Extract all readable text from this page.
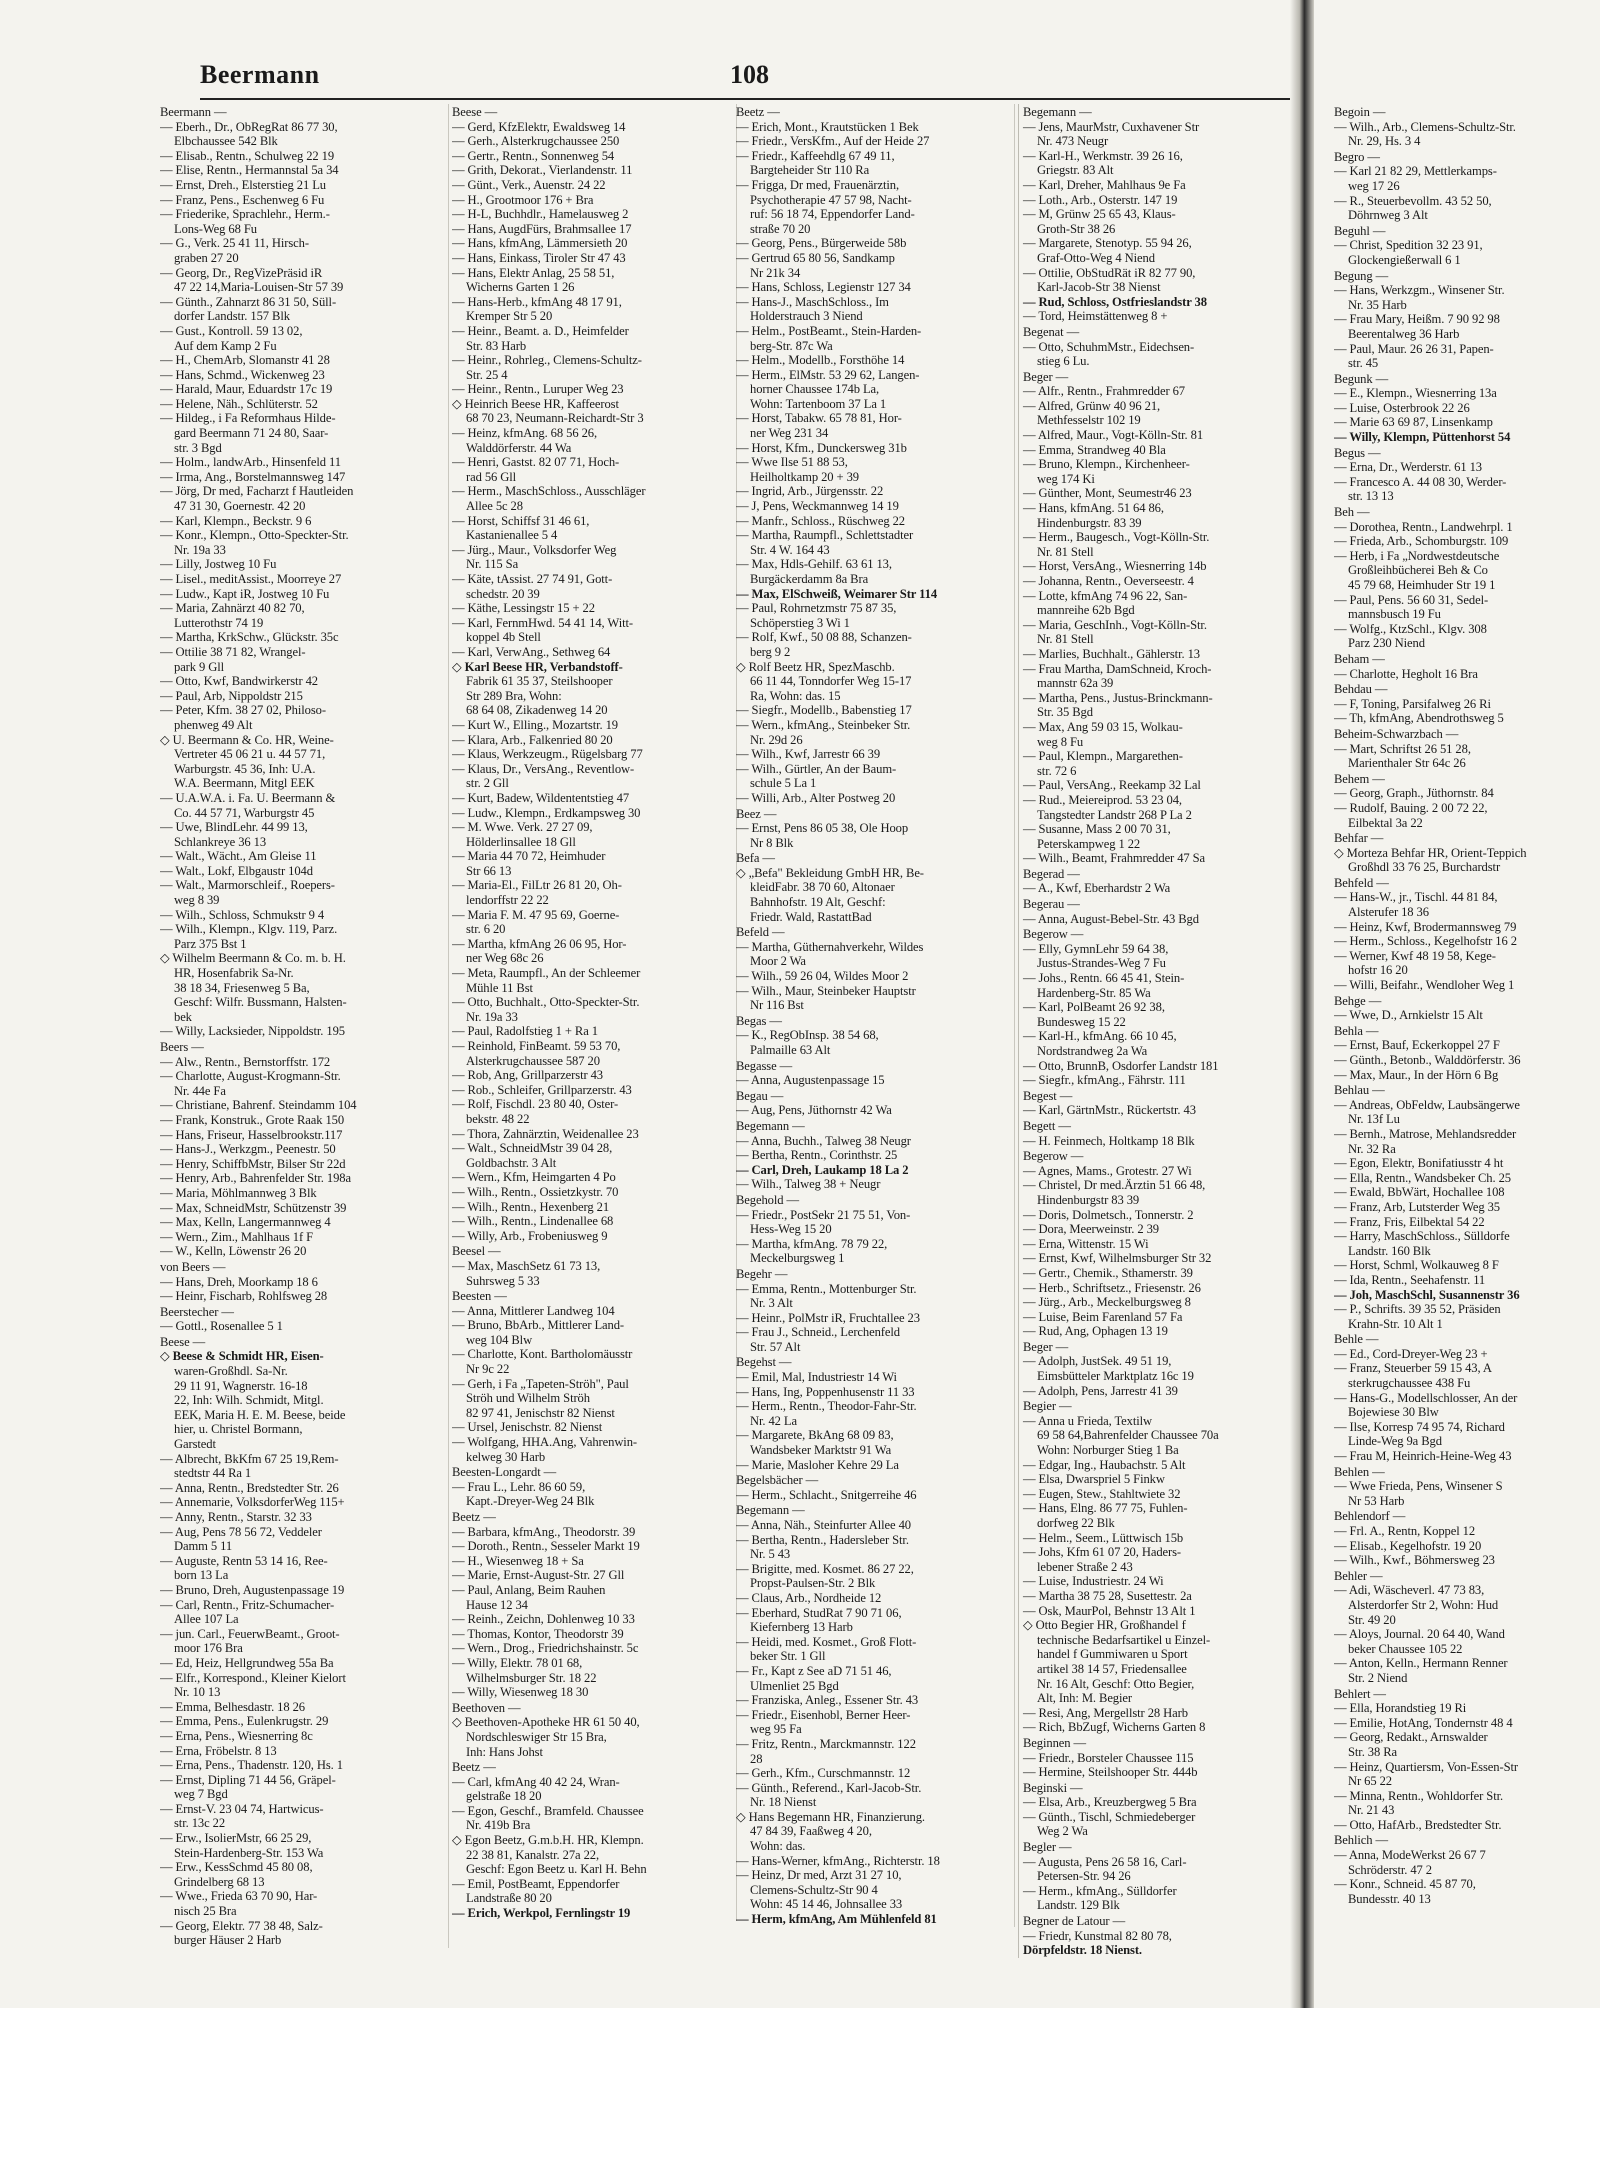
Beermann	108
Beermann —
— Eberh., Dr., ObRegRat 86 77 30,
Elbchaussee 542 Blk
— Elisab., Rentn., Schulweg 22 19
— Elise, Rentn., Hermannstal 5a 34
— Ernst, Dreh., Elsterstieg 21 Lu
— Franz, Pens., Eschenweg 6 Fu
— Friederike, Sprachlehr., Herm.-
Lons-Weg 68 Fu
— G., Verk. 25 41 11, Hirsch-
graben 27 20
— Georg, Dr., RegVizePräsid iR
47 22 14,Maria-Louisen-Str 57 39
— Günth., Zahnarzt 86 31 50, Süll-
dorfer Landstr. 157 Blk
— Gust., Kontroll. 59 13 02,
Auf dem Kamp 2 Fu
— H., ChemArb, Slomanstr 41 28
— Hans, Schmd., Wickenweg 23
— Harald, Maur, Eduardstr 17c 19
— Helene, Näh., Schlüterstr. 52
— Hildeg., i Fa Reformhaus Hilde-
gard Beermann 71 24 80, Saar-
str. 3 Bgd
— Holm., landwArb., Hinsenfeld 11
— Irma, Ang., Borstelmannsweg 147
— Jörg, Dr med, Facharzt f Hautleiden
47 31 30, Goernestr. 42 20
— Karl, Klempn., Beckstr. 9 6
— Konr., Klempn., Otto-Speckter-Str.
Nr. 19a 33
— Lilly, Jostweg 10 Fu
— Lisel., meditAssist., Moorreye 27
— Ludw., Kapt iR, Jostweg 10 Fu
— Maria, Zahnärzt 40 82 70,
Lutterothstr 74 19
— Martha, KrkSchw., Glückstr. 35c
— Ottilie 38 71 82, Wrangel-
park 9 Gll
— Otto, Kwf, Bandwirkerstr 42
— Paul, Arb, Nippoldstr 215
— Peter, Kfm. 38 27 02, Philoso-
phenweg 49 Alt
◇ U. Beermann & Co. HR, Weine-
Vertreter 45 06 21 u. 44 57 71,
Warburgstr. 45 36, Inh: U.A.
W.A. Beermann, Mitgl EEK
— U.A.W.A. i. Fa. U. Beermann &
Co. 44 57 71, Warburgstr 45
— Uwe, BlindLehr. 44 99 13,
Schlankreye 36 13
— Walt., Wächt., Am Gleise 11
— Walt., Lokf, Elbgaustr 104d
— Walt., Marmorschleif., Roepers-
weg 8 39
— Wilh., Schloss, Schmukstr 9 4
— Wilh., Klempn., Klgv. 119, Parz.
Parz 375 Bst 1
◇ Wilhelm Beermann & Co. m. b. H.
HR, Hosenfabrik Sa-Nr.
38 18 34, Friesenweg 5 Ba,
Geschf: Wilfr. Bussmann, Halsten-
bek
— Willy, Lacksieder, Nippoldstr. 195
Beers —
— Alw., Rentn., Bernstorffstr. 172
— Charlotte, August-Krogmann-Str.
Nr. 44e Fa
— Christiane, Bahrenf. Steindamm 104
— Frank, Konstruk., Grote Raak 150
— Hans, Friseur, Hasselbrookstr.117
— Hans-J., Werkzgm., Peenestr. 50
— Henry, SchiffbMstr, Bilser Str 22d
— Henry, Arb., Bahrenfelder Str. 198a
— Maria, Möhlmannweg 3 Blk
— Max, SchneidMstr, Schützenstr 39
— Max, Kelln, Langermannweg 4
— Wern., Zim., Mahlhaus 1f F
— W., Kelln, Löwenstr 26 20
von Beers —
— Hans, Dreh, Moorkamp 18 6
— Heinr, Fischarb, Rohlfsweg 28
Beerstecher —
— Gottl., Rosenallee 5 1
Beese —
◇ Beese & Schmidt HR, Eisen-
waren-Großhdl. Sa-Nr.
29 11 91, Wagnerstr. 16-18
22, Inh: Wilh. Schmidt, Mitgl.
EEK, Maria H. E. M. Beese, beide
hier, u. Christel Bormann,
Garstedt
— Albrecht, BkKfm 67 25 19,Rem-
stedtstr 44 Ra 1
— Anna, Rentn., Bredstedter Str. 26
— Annemarie, VolksdorferWeg 115+
— Anny, Rentn., Starstr. 32 33
— Aug, Pens 78 56 72, Veddeler
Damm 5 11
— Auguste, Rentn 53 14 16, Ree-
born 13 La
— Bruno, Dreh, Augustenpassage 19
— Carl, Rentn., Fritz-Schumacher-
Allee 107 La
— jun. Carl., FeuerwBeamt., Groot-
moor 176 Bra
— Ed, Heiz, Hellgrundweg 55a Ba
— Elfr., Korrespond., Kleiner Kielort
Nr. 10 13
— Emma, Belhesdastr. 18 26
— Emma, Pens., Eulenkrugstr. 29
— Erna, Pens., Wiesnerring 8c
— Erna, Fröbelstr. 8 13
— Erna, Pens., Thadenstr. 120, Hs. 1
— Ernst, Dipling 71 44 56, Gräpel-
weg 7 Bgd
— Ernst-V. 23 04 74, Hartwicus-
str. 13c 22
— Erw., IsolierMstr, 66 25 29,
Stein-Hardenberg-Str. 153 Wa
— Erw., KessSchmd 45 80 08,
Grindelberg 68 13
— Wwe., Frieda 63 70 90, Har-
nisch 25 Bra
— Georg, Elektr. 77 38 48, Salz-
burger Häuser 2 Harb
Beese —
— Gerd, KfzElektr, Ewaldsweg 14
— Gerh., Alsterkrugchaussee 250
— Gertr., Rentn., Sonnenweg 54
— Grith, Dekorat., Vierlandenstr. 11
— Günt., Verk., Auenstr. 24 22
— H., Grootmoor 176 + Bra
— H-L, Buchhdlr., Hamelausweg 2
— Hans, AugdFürs, Brahmsallee 17
— Hans, kfmAng, Lämmersieth 20
— Hans, Einkass, Tiroler Str 47 43
— Hans, Elektr Anlag, 25 58 51,
Wicherns Garten 1 26
— Hans-Herb., kfmAng 48 17 91,
Kremper Str 5 20
— Heinr., Beamt. a. D., Heimfelder
Str. 83 Harb
— Heinr., Rohrleg., Clemens-Schultz-
Str. 25 4
— Heinr., Rentn., Luruper Weg 23
◇ Heinrich Beese HR, Kaffeerost
68 70 23, Neumann-Reichardt-Str 3
— Heinz, kfmAng. 68 56 26,
Walddörferstr. 44 Wa
— Henri, Gastst. 82 07 71, Hoch-
rad 56 Gll
— Herm., MaschSchloss., Ausschläger
Allee 5c 28
— Horst, Schiffsf 31 46 61,
Kastanienallee 5 4
— Jürg., Maur., Volksdorfer Weg
Nr. 115 Sa
— Käte, tAssist. 27 74 91, Gott-
schedstr. 20 39
— Käthe, Lessingstr 15 + 22
— Karl, FernmHwd. 54 41 14, Witt-
koppel 4b Stell
— Karl, VerwAng., Sethweg 64
◇ Karl Beese HR, Verbandstoff-
Fabrik 61 35 37, Steilshooper
Str 289 Bra, Wohn:
68 64 08, Zikadenweg 14 20
— Kurt W., Elling., Mozartstr. 19
— Klara, Arb., Falkenried 80 20
— Klaus, Werkzeugm., Rügelsbarg 77
— Klaus, Dr., VersAng., Reventlow-
str. 2 Gll
— Kurt, Badew, Wildententstieg 47
— Ludw., Klempn., Erdkampsweg 30
— M. Wwe. Verk. 27 27 09,
Hölderlinsallee 18 Gll
— Maria 44 70 72, Heimhuder
Str 66 13
— Maria-El., FilLtr 26 81 20, Oh-
lendorffstr 22 22
— Maria F. M. 47 95 69, Goerne-
str. 6 20
— Martha, kfmAng 26 06 95, Hor-
ner Weg 68c 26
— Meta, Raumpfl., An der Schleemer
Mühle 11 Bst
— Otto, Buchhalt., Otto-Speckter-Str.
Nr. 19a 33
— Paul, Radolfstieg 1 + Ra 1
— Reinhold, FinBeamt. 59 53 70,
Alsterkrugchaussee 587 20
— Rob, Ang, Grillparzerstr 43
— Rob., Schleifer, Grillparzerstr. 43
— Rolf, Fischdl. 23 80 40, Oster-
bekstr. 48 22
— Thora, Zahnärztin, Weidenallee 23
— Walt., SchneidMstr 39 04 28,
Goldbachstr. 3 Alt
— Wern., Kfm, Heimgarten 4 Po
— Wilh., Rentn., Ossietzkystr. 70
— Wilh., Rentn., Hexenberg 21
— Wilh., Rentn., Lindenallee 68
— Willy, Arb., Frobeniusweg 9
Beesel —
— Max, MaschSetz 61 73 13,
Suhrsweg 5 33
Beesten —
— Anna, Mittlerer Landweg 104
— Bruno, BbArb., Mittlerer Land-
weg 104 Blw
— Charlotte, Kont. Bartholomäusstr
Nr 9c 22
— Gerh, i Fa „Tapeten-Ströh", Paul
Ströh und Wilhelm Ströh
82 97 41, Jenischstr 82 Nienst
— Ursel, Jenischstr. 82 Nienst
— Wolfgang, HHA.Ang, Vahrenwin-
kelweg 30 Harb
Beesten-Longardt —
— Frau L., Lehr. 86 60 59,
Kapt.-Dreyer-Weg 24 Blk
Beetz —
— Barbara, kfmAng., Theodorstr. 39
— Doroth., Rentn., Sesseler Markt 19
— H., Wiesenweg 18 + Sa
— Marie, Ernst-August-Str. 27 Gll
— Paul, Anlang, Beim Rauhen
Hause 12 34
— Reinh., Zeichn, Dohlenweg 10 33
— Thomas, Kontor, Theodorstr 39
— Wern., Drog., Friedrichshainstr. 5c
— Willy, Elektr. 78 01 68,
Wilhelmsburger Str. 18 22
— Willy, Wiesenweg 18 30
Beethoven —
◇ Beethoven-Apotheke HR 61 50 40,
Nordschleswiger Str 15 Bra,
Inh: Hans Johst
Beetz —
— Carl, kfmAng 40 42 24, Wran-
gelstraße 18 20
— Egon, Geschf., Bramfeld. Chaussee
Nr. 419b Bra
◇ Egon Beetz, G.m.b.H. HR, Klempn.
22 38 81, Kanalstr. 27a 22,
Geschf: Egon Beetz u. Karl H. Behn
— Emil, PostBeamt, Eppendorfer
Landstraße 80 20
— Erich, Werkpol, Fernlingstr 19
Beetz —
— Erich, Mont., Krautstücken 1 Bek
— Friedr., VersKfm., Auf der Heide 27
— Friedr., Kaffeehdlg 67 49 11,
Bargteheider Str 110 Ra
— Frigga, Dr med, Frauenärztin,
Psychotherapie 47 57 98, Nacht-
ruf: 56 18 74, Eppendorfer Land-
straße 70 20
— Georg, Pens., Bürgerweide 58b
— Gertrud 65 80 56, Sandkamp
Nr 21k 34
— Hans, Schloss, Legienstr 127 34
— Hans-J., MaschSchloss., Im
Holderstrauch 3 Niend
— Helm., PostBeamt., Stein-Harden-
berg-Str. 87c Wa
— Helm., Modellb., Forsthöhe 14
— Herm., ElMstr. 53 29 62, Langen-
horner Chaussee 174b La,
Wohn: Tartenboom 37 La 1
— Horst, Tabakw. 65 78 81, Hor-
ner Weg 231 34
— Horst, Kfm., Dunckersweg 31b
— Wwe Ilse 51 88 53,
Heilholtkamp 20 + 39
— Ingrid, Arb., Jürgensstr. 22
— J, Pens, Weckmannweg 14 19
— Manfr., Schloss., Rüschweg 22
— Martha, Raumpfl., Schlettstadter
Str. 4 W. 164 43
— Max, Hdls-Gehilf. 63 61 13,
Burgäckerdamm 8a Bra
— Max, ElSchweiß, Weimarer Str 114
— Paul, Rohrnetzmstr 75 87 35,
Schöperstieg 3 Wi 1
— Rolf, Kwf., 50 08 88, Schanzen-
berg 9 2
◇ Rolf Beetz HR, SpezMaschb.
66 11 44, Tonndorfer Weg 15-17
Ra, Wohn: das. 15
— Siegfr., Modellb., Babenstieg 17
— Wern., kfmAng., Steinbeker Str.
Nr. 29d 26
— Wilh., Kwf, Jarrestr 66 39
— Wilh., Gürtler, An der Baum-
schule 5 La 1
— Willi, Arb., Alter Postweg 20
Beez —
— Ernst, Pens 86 05 38, Ole Hoop
Nr 8 Blk
Befa —
◇ „Befa" Bekleidung GmbH HR, Be-
kleidFabr. 38 70 60, Altonaer
Bahnhofstr. 19 Alt, Geschf:
Friedr. Wald, RastattBad
Befeld —
— Martha, Güthernahverkehr, Wildes
Moor 2 Wa
— Wilh., 59 26 04, Wildes Moor 2
— Wilh., Maur, Steinbeker Hauptstr
Nr 116 Bst
Begas —
— K., RegObInsp. 38 54 68,
Palmaille 63 Alt
Begasse —
— Anna, Augustenpassage 15
Begau —
— Aug, Pens, Jüthornstr 42 Wa
Begemann —
— Anna, Buchh., Talweg 38 Neugr
— Bertha, Rentn., Corinthstr. 25
— Carl, Dreh, Laukamp 18 La 2
— Wilh., Talweg 38 + Neugr
Begehold —
— Friedr., PostSekr 21 75 51, Von-
Hess-Weg 15 20
— Martha, kfmAng. 78 79 22,
Meckelburgsweg 1
Begehr —
— Emma, Rentn., Mottenburger Str.
Nr. 3 Alt
— Heinr., PolMstr iR, Fruchtallee 23
— Frau J., Schneid., Lerchenfeld
Str. 57 Alt
Begehst —
— Emil, Mal, Industriestr 14 Wi
— Hans, Ing, Poppenhusenstr 11 33
— Herm., Rentn., Theodor-Fahr-Str.
Nr. 42 La
— Margarete, BkAng 68 09 83,
Wandsbeker Marktstr 91 Wa
— Marie, Masloher Kehre 29 La
Begelsbächer —
— Herm., Schlacht., Snitgerreihe 46
Begemann —
— Anna, Näh., Steinfurter Allee 40
— Bertha, Rentn., Hadersleber Str.
Nr. 5 43
— Brigitte, med. Kosmet. 86 27 22,
Propst-Paulsen-Str. 2 Blk
— Claus, Arb., Nordheide 12
— Eberhard, StudRat 7 90 71 06,
Kiefernberg 13 Harb
— Heidi, med. Kosmet., Groß Flott-
beker Str. 1 Gll
— Fr., Kapt z See aD 71 51 46,
Ulmenliet 25 Bgd
— Franziska, Anleg., Essener Str. 43
— Friedr., Eisenhobl, Berner Heer-
weg 95 Fa
— Fritz, Rentn., Marckmannstr. 122
28
— Gerh., Kfm., Curschmannstr. 12
— Günth., Referend., Karl-Jacob-Str.
Nr. 18 Nienst
◇ Hans Begemann HR, Finanzierung.
47 84 39, Faaßweg 4 20,
Wohn: das.
— Hans-Werner, kfmAng., Richterstr. 18
— Heinz, Dr med, Arzt 31 27 10,
Clemens-Schultz-Str 90 4
Wohn: 45 14 46, Johnsallee 33
— Herm, kfmAng, Am Mühlenfeld 81
Begemann —
— Jens, MaurMstr, Cuxhavener Str
Nr. 473 Neugr
— Karl-H., Werkmstr. 39 26 16,
Griegstr. 83 Alt
— Karl, Dreher, Mahlhaus 9e Fa
— Loth., Arb., Osterstr. 147 19
— M, Grünw 25 65 43, Klaus-
Groth-Str 38 26
— Margarete, Stenotyp. 55 94 26,
Graf-Otto-Weg 4 Niend
— Ottilie, ObStudRät iR 82 77 90,
Karl-Jacob-Str 38 Nienst
— Rud, Schloss, Ostfrieslandstr 38
— Tord, Heimstättenweg 8 +
Begenat —
— Otto, SchuhmMstr., Eidechsen-
stieg 6 Lu.
Beger —
— Alfr., Rentn., Frahmredder 67
— Alfred, Grünw 40 96 21,
Methfesselstr 102 19
— Alfred, Maur., Vogt-Kölln-Str. 81
— Emma, Strandweg 40 Bla
— Bruno, Klempn., Kirchenheer-
weg 174 Ki
— Günther, Mont, Seumestr46 23
— Hans, kfmAng. 51 64 86,
Hindenburgstr. 83 39
— Herm., Baugesch., Vogt-Kölln-Str.
Nr. 81 Stell
— Horst, VersAng., Wiesnerring 14b
— Johanna, Rentn., Oeverseestr. 4
— Lotte, kfmAng 74 96 22, San-
mannreihe 62b Bgd
— Maria, GeschInh., Vogt-Kölln-Str.
Nr. 81 Stell
— Marlies, Buchhalt., Gählerstr. 13
— Frau Martha, DamSchneid, Kroch-
mannstr 62a 39
— Martha, Pens., Justus-Brinckmann-
Str. 35 Bgd
— Max, Ang 59 03 15, Wolkau-
weg 8 Fu
— Paul, Klempn., Margarethen-
str. 72 6
— Paul, VersAng., Reekamp 32 Lal
— Rud., Meiereiprod. 53 23 04,
Tangstedter Landstr 268 P La 2
— Susanne, Mass 2 00 70 31,
Peterskampweg 1 22
— Wilh., Beamt, Frahmredder 47 Sa
Begerad —
— A., Kwf, Eberhardstr 2 Wa
Begerau —
— Anna, August-Bebel-Str. 43 Bgd
Begerow —
— Elly, GymnLehr 59 64 38,
Justus-Strandes-Weg 7 Fu
— Johs., Rentn. 66 45 41, Stein-
Hardenberg-Str. 85 Wa
— Karl, PolBeamt 26 92 38,
Bundesweg 15 22
— Karl-H., kfmAng. 66 10 45,
Nordstrandweg 2a Wa
— Otto, BrunnB, Osdorfer Landstr 181
— Siegfr., kfmAng., Fährstr. 111
Begest —
— Karl, GärtnMstr., Rückertstr. 43
Begett —
— H. Feinmech, Holtkamp 18 Blk
Begerow —
— Agnes, Mams., Grotestr. 27 Wi
— Christel, Dr med.Ärztin 51 66 48,
Hindenburgstr 83 39
— Doris, Dolmetsch., Tonnerstr. 2
— Dora, Meerweinstr. 2 39
— Erna, Wittenstr. 15 Wi
— Ernst, Kwf, Wilhelmsburger Str 32
— Gertr., Chemik., Sthamerstr. 39
— Herb., Schriftsetz., Friesenstr. 26
— Jürg., Arb., Meckelburgsweg 8
— Luise, Beim Farenland 57 Fa
— Rud, Ang, Ophagen 13 19
Beger —
— Adolph, JustSek. 49 51 19,
Eimsbütteler Marktplatz 16c 19
— Adolph, Pens, Jarrestr 41 39
Begier —
— Anna u Frieda, Textilw
69 58 64,Bahrenfelder Chaussee 70a
Wohn: Norburger Stieg 1 Ba
— Edgar, Ing., Haubachstr. 5 Alt
— Elsa, Dwarspriel 5 Finkw
— Eugen, Stew., Stahltwiete 32
— Hans, Elng. 86 77 75, Fuhlen-
dorfweg 22 Blk
— Helm., Seem., Lüttwisch 15b
— Johs, Kfm 61 07 20, Haders-
lebener Straße 2 43
— Luise, Industriestr. 24 Wi
— Martha 38 75 28, Susettestr. 2a
— Osk, MaurPol, Behnstr 13 Alt 1
◇ Otto Begier HR, Großhandel f
technische Bedarfsartikel u Einzel-
handel f Gummiwaren u Sport
artikel 38 14 57, Friedensallee
Nr. 16 Alt, Geschf: Otto Begier,
Alt, Inh: M. Begier
— Resi, Ang, Mergellstr 28 Harb
— Rich, BbZugf, Wicherns Garten 8
Beginnen —
— Friedr., Borsteler Chaussee 115
— Hermine, Steilshooper Str. 444b
Beginski —
— Elsa, Arb., Kreuzbergweg 5 Bra
— Günth., Tischl, Schmiedeberger
Weg 2 Wa
Begler —
— Augusta, Pens 26 58 16, Carl-
Petersen-Str. 94 26
— Herm., kfmAng., Sülldorfer
Landstr. 129 Blk
Begner de Latour —
— Friedr, Kunstmal 82 80 78,
Dörpfeldstr. 18 Nienst.
Begoin —
— Wilh., Arb., Clemens-Schultz-Str.
Nr. 29, Hs. 3 4
Begro —
— Karl 21 82 29, Mettlerkamps-
weg 17 26
— R., Steuerbevollm. 43 52 50,
Döhrnweg 3 Alt
Beguhl —
— Christ, Spedition 32 23 91,
Glockengießerwall 6 1
Begung —
— Hans, Werkzgm., Winsener Str.
Nr. 35 Harb
— Frau Mary, Heißm. 7 90 92 98
Beerentalweg 36 Harb
— Paul, Maur. 26 26 31, Papen-
str. 45
Begunk —
— E., Klempn., Wiesnerring 13a
— Luise, Osterbrook 22 26
— Marie 63 69 87, Linsenkamp
— Willy, Klempn, Püttenhorst 54
Begus —
— Erna, Dr., Werderstr. 61 13
— Francesco A. 44 08 30, Werder-
str. 13 13
Beh —
— Dorothea, Rentn., Landwehrpl. 1
— Frieda, Arb., Schomburgstr. 109
— Herb, i Fa „Nordwestdeutsche
Großleihbücherei Beh & Co
45 79 68, Heimhuder Str 19 1
— Paul, Pens. 56 60 31, Sedel-
mannsbusch 19 Fu
— Wolfg., KtzSchl., Klgv. 308
Parz 230 Niend
Beham —
— Charlotte, Hegholt 16 Bra
Behdau —
— F, Toning, Parsifalweg 26 Ri
— Th, kfmAng, Abendrothsweg 5
Beheim-Schwarzbach —
— Mart, Schriftst 26 51 28,
Marienthaler Str 64c 26
Behem —
— Georg, Graph., Jüthornstr. 84
— Rudolf, Bauing. 2 00 72 22,
Eilbektal 3a 22
Behfar —
◇ Morteza Behfar HR, Orient-Teppich
Großhdl 33 76 25, Burchardstr
Behfeld —
— Hans-W., jr., Tischl. 44 81 84,
Alsterufer 18 36
— Heinz, Kwf, Brodermannsweg 79
— Herm., Schloss., Kegelhofstr 16 2
— Werner, Kwf 48 19 58, Kege-
hofstr 16 20
— Willi, Beifahr., Wendloher Weg 1
Behge —
— Wwe, D., Arnkielstr 15 Alt
Behla —
— Ernst, Bauf, Eckerkoppel 27 F
— Günth., Betonb., Walddörferstr. 36
— Max, Maur., In der Hörn 6 Bg
Behlau —
— Andreas, ObFeldw, Laubsängerwe
Nr. 13f Lu
— Bernh., Matrose, Mehlandsredder
Nr. 32 Ra
— Egon, Elektr, Bonifatiusstr 4 ht
— Ella, Rentn., Wandsbeker Ch. 25
— Ewald, BbWärt, Hochallee 108
— Franz, Arb, Lutsterder Weg 35
— Franz, Fris, Eilbektal 54 22
— Harry, MaschSchloss., Sülldorfe
Landstr. 160 Blk
— Horst, Schml, Wolkauweg 8 F
— Ida, Rentn., Seehafenstr. 11
— Joh, MaschSchl, Susannenstr 36
— P., Schrifts. 39 35 52, Präsiden
Krahn-Str. 10 Alt 1
Behle —
— Ed., Cord-Dreyer-Weg 23 +
— Franz, Steuerber 59 15 43, A
sterkrugchaussee 438 Fu
— Hans-G., Modellschlosser, An der
Bojewiese 30 Blw
— Ilse, Korresp 74 95 74, Richard
Linde-Weg 9a Bgd
— Frau M, Heinrich-Heine-Weg 43
Behlen —
— Wwe Frieda, Pens, Winsener S
Nr 53 Harb
Behlendorf —
— Frl. A., Rentn, Koppel 12
— Elisab., Kegelhofstr. 19 20
— Wilh., Kwf., Böhmersweg 23
Behler —
— Adi, Wäscheverl. 47 73 83,
Alsterdorfer Str 2, Wohn: Hud
Str. 49 20
— Aloys, Journal. 20 64 40, Wand
beker Chaussee 105 22
— Anton, Kelln., Hermann Renner
Str. 2 Niend
Behlert —
— Ella, Horandstieg 19 Ri
— Emilie, HotAng, Tondernstr 48 4
— Georg, Redakt., Arnswalder
Str. 38 Ra
— Heinz, Quartiersm, Von-Essen-Str
Nr 65 22
— Minna, Rentn., Wohldorfer Str.
Nr. 21 43
— Otto, HafArb., Bredstedter Str.
Behlich —
— Anna, ModeWerkst 26 67 7
Schröderstr. 47 2
— Konr., Schneid. 45 87 70,
Bundesstr. 40 13
